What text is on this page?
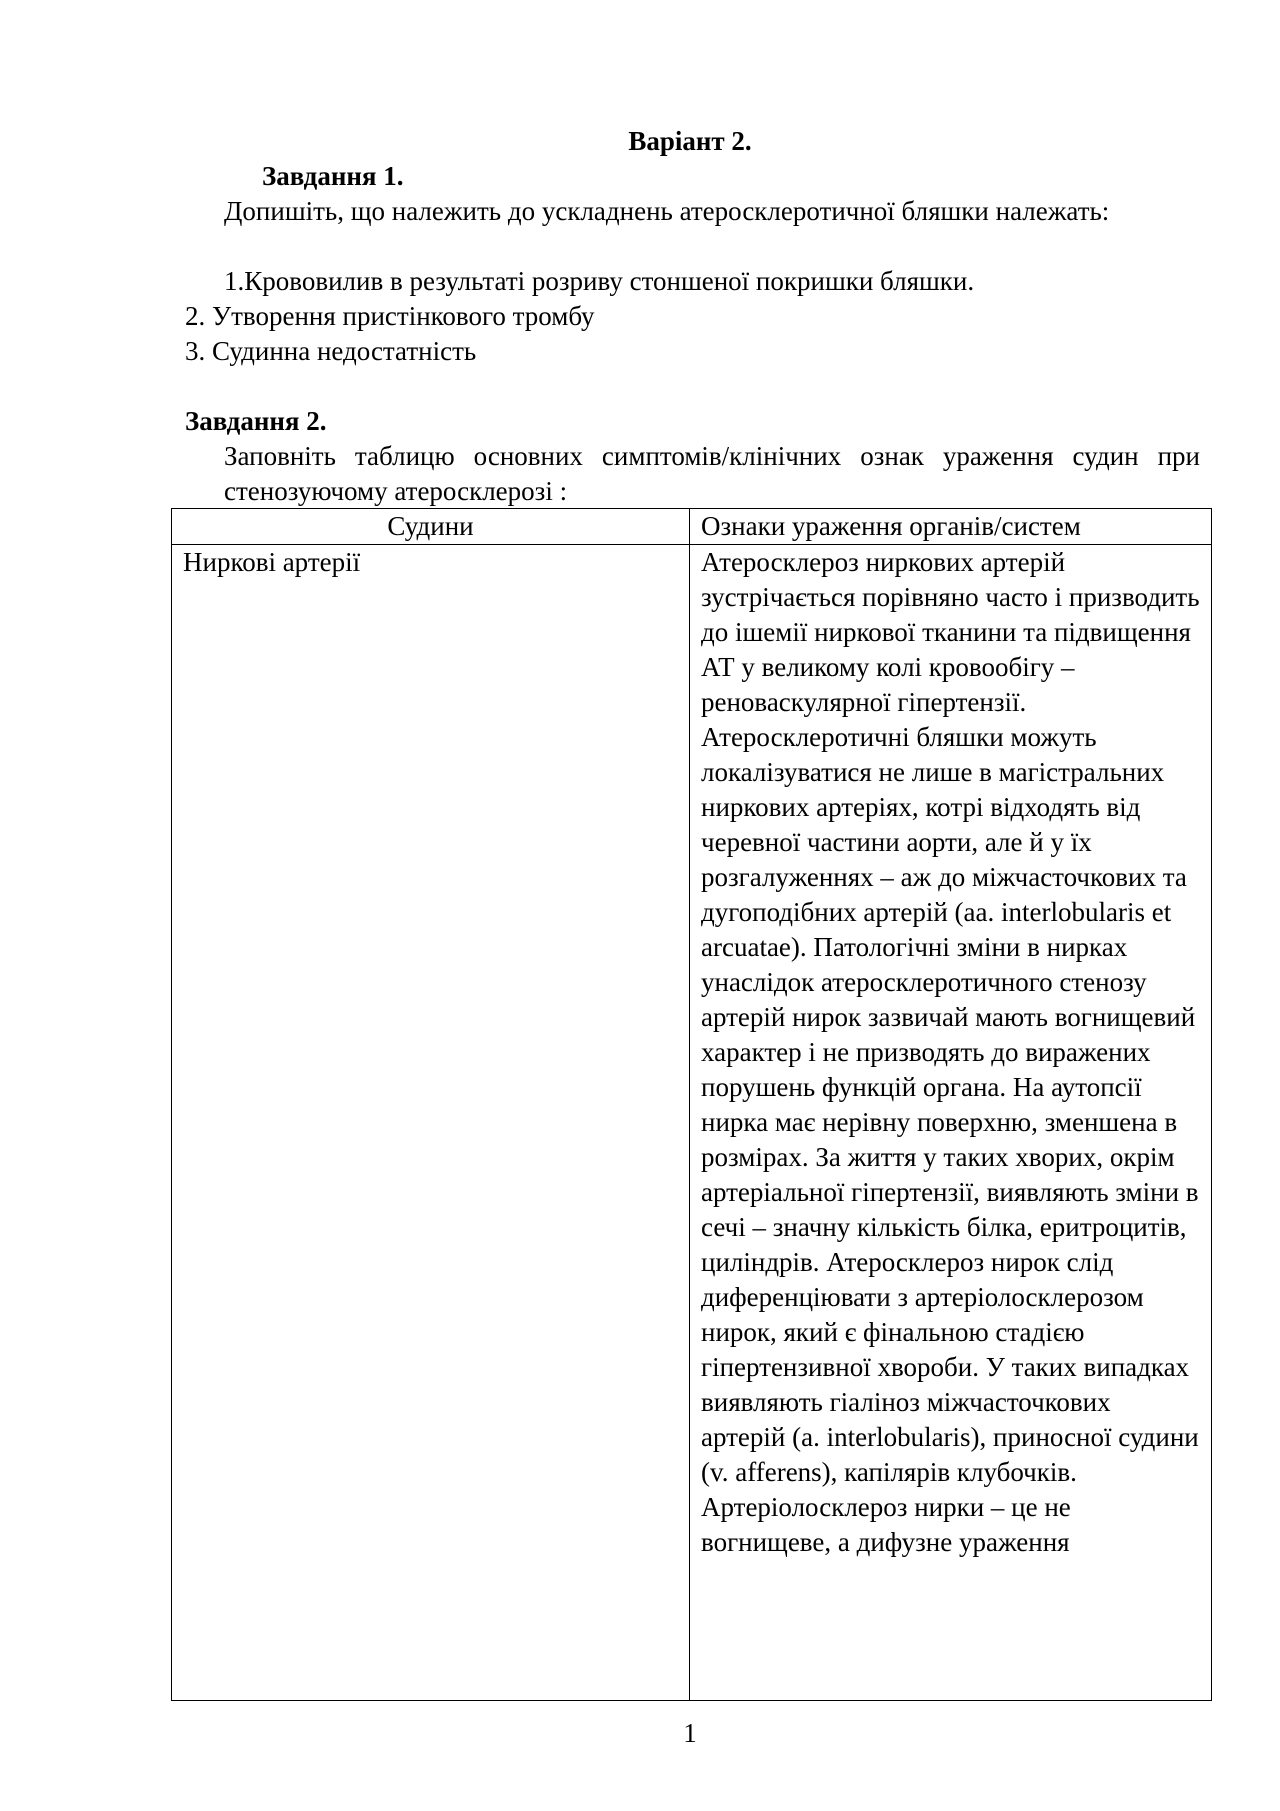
Варіант 2.

Завдання 1.

Допишіть, що належить до ускладнень атеросклеротичної бляшки належать:

1.Крововилив в результаті розриву стоншеної покришки бляшки.

2. Утворення пристінкового тромбу

3. Судинна недостатність

Завдання 2.

Заповніть таблицю основних симптомів/клінічних ознак ураження судин при стенозуючому атеросклерозі :

Судини	Ознаки ураження органів/систем
Ниркові артерії	Атеросклероз ниркових артерій зустрічається порівняно часто і призводить до ішемії ниркової тканини та підвищення АТ у великому колі кровообігу – реноваскулярної гіпертензії. Атеросклеротичні бляшки можуть локалізуватися не лише в магістральних ниркових артеріях, котрі відходять від черевної частини аорти, але й у їх розгалуженнях – аж до міжчасточкових та дугоподібних артерій (aa. interlobularis et arcuatae). Патологічні зміни в нирках унаслідок атеросклеротичного стенозу артерій нирок зазвичай мають вогнищевий характер і не призводять до виражених порушень функцій органа. На аутопсії нирка має нерівну поверхню, зменшена в розмірах. За життя у таких хворих, окрім артеріальної гіпертензії, виявляють зміни в сечі – значну кількість білка, еритроцитів, циліндрів. Атеросклероз нирок слід диференціювати з артеріолосклерозом нирок, який є фінальною стадією гіпертензивної хвороби. У таких випадках виявляють гіаліноз міжчасточкових артерій (a. interlobularis), приносної судини (v. afferens), капілярів клубочків. Артеріолосклероз нирки – це не вогнищеве, а дифузне ураження

1
